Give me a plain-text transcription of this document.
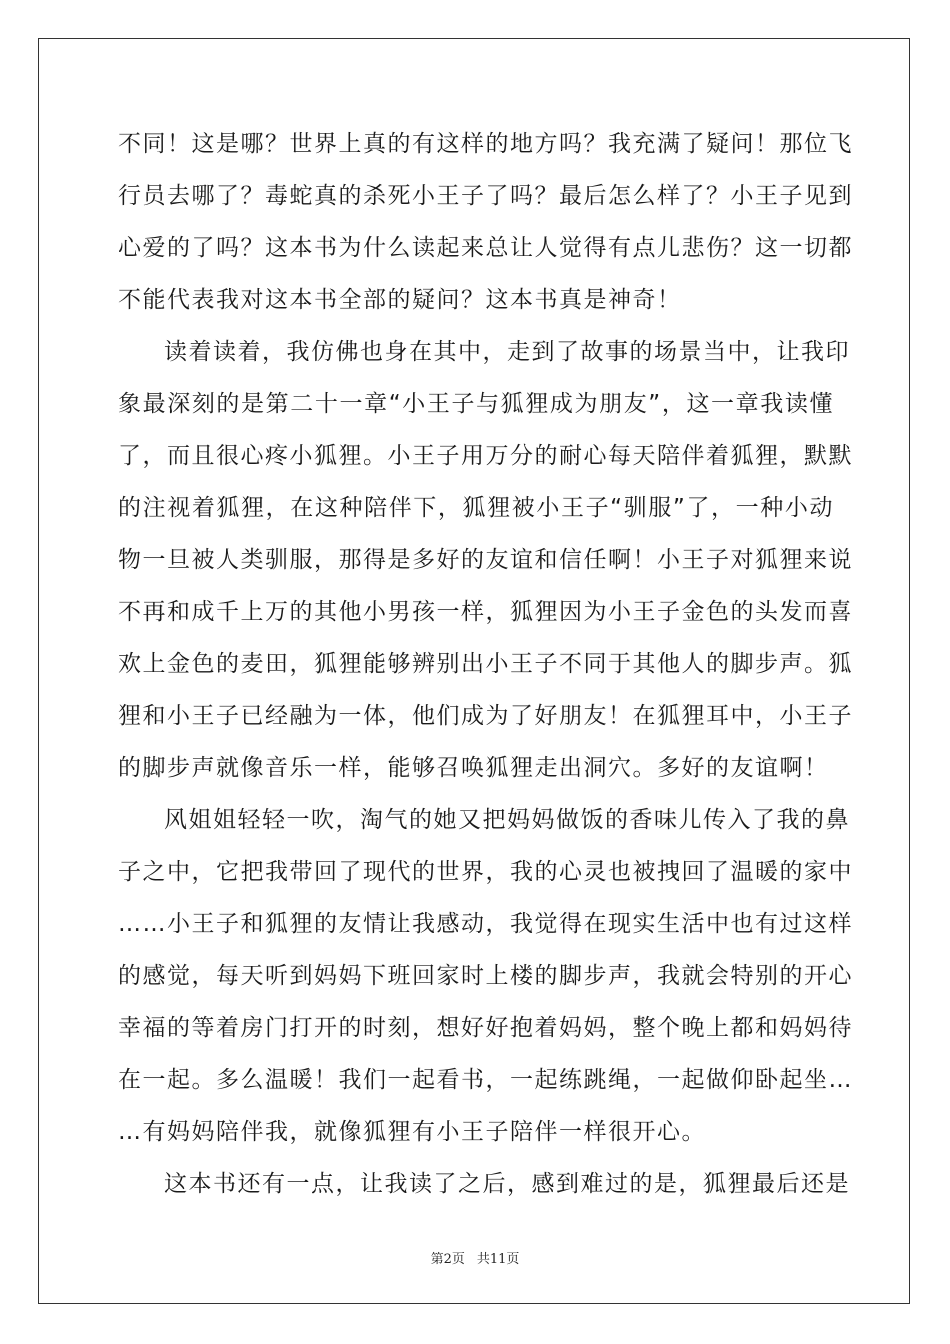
不同！这是哪？世界上真的有这样的地方吗？我充满了疑问！那位飞
行员去哪了？毒蛇真的杀死小王子了吗？最后怎么样了？小王子见到
心爱的了吗？这本书为什么读起来总让人觉得有点儿悲伤？这一切都
不能代表我对这本书全部的疑问？这本书真是神奇！
读着读着，我仿佛也身在其中，走到了故事的场景当中，让我印
象最深刻的是第二十一章“小王子与狐狸成为朋友”，这一章我读懂
了，而且很心疼小狐狸。小王子用万分的耐心每天陪伴着狐狸，默默
的注视着狐狸，在这种陪伴下，狐狸被小王子“驯服”了，一种小动
物一旦被人类驯服，那得是多好的友谊和信任啊！小王子对狐狸来说
不再和成千上万的其他小男孩一样，狐狸因为小王子金色的头发而喜
欢上金色的麦田，狐狸能够辨别出小王子不同于其他人的脚步声。狐
狸和小王子已经融为一体，他们成为了好朋友！在狐狸耳中，小王子
的脚步声就像音乐一样，能够召唤狐狸走出洞穴。多好的友谊啊！
风姐姐轻轻一吹，淘气的她又把妈妈做饭的香味儿传入了我的鼻
子之中，它把我带回了现代的世界，我的心灵也被拽回了温暖的家中
……小王子和狐狸的友情让我感动，我觉得在现实生活中也有过这样
的感觉，每天听到妈妈下班回家时上楼的脚步声，我就会特别的开心
幸福的等着房门打开的时刻，想好好抱着妈妈，整个晚上都和妈妈待
在一起。多么温暖！我们一起看书，一起练跳绳，一起做仰卧起坐…
…有妈妈陪伴我，就像狐狸有小王子陪伴一样很开心。
这本书还有一点，让我读了之后，感到难过的是，狐狸最后还是
第2页 共11页
